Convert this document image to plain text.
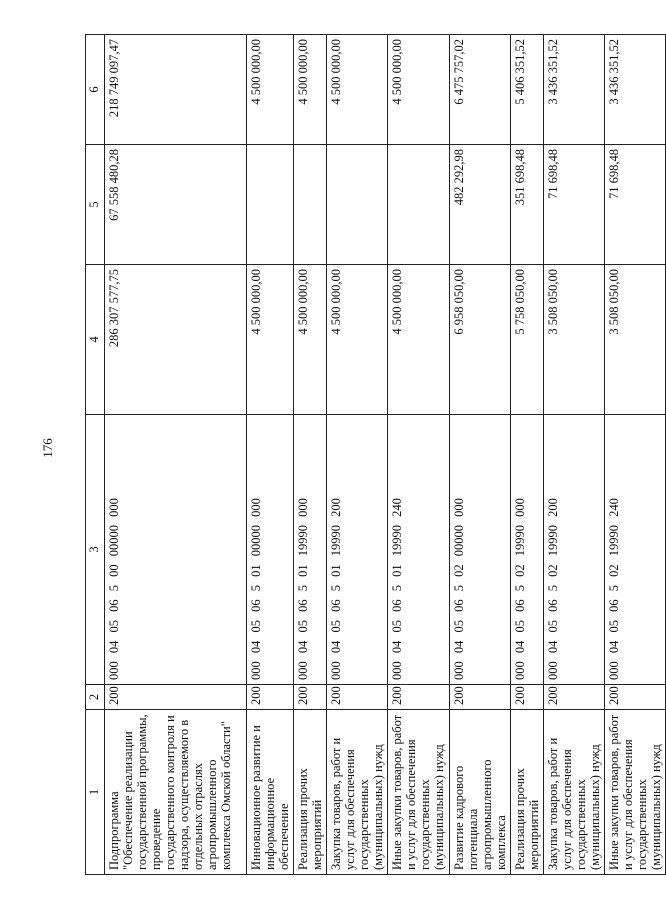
176
1	2	3	4	5	6
Подпрограмма "Обеспечение реализации государственной программы, проведение государственного контроля и надзора, осуществляемого в отдельных отраслях агропромышленного комплекса Омской области"	200	000 04 05 06 5 00 00000 000	286 307 577,75	67 558 480,28	218 749 097,47
Инновационное развитие и информационное обеспечение	200	000 04 05 06 5 01 00000 000	4 500 000,00		4 500 000,00
Реализация прочих мероприятий	200	000 04 05 06 5 01 19990 000	4 500 000,00		4 500 000,00
Закупка товаров, работ и услуг для обеспечения государственных (муниципальных) нужд	200	000 04 05 06 5 01 19990 200	4 500 000,00		4 500 000,00
Иные закупки товаров, работ и услуг для обеспечения государственных (муниципальных) нужд	200	000 04 05 06 5 01 19990 240	4 500 000,00		4 500 000,00
Развитие кадрового потенциала агропромышленного комплекса	200	000 04 05 06 5 02 00000 000	6 958 050,00	482 292,98	6 475 757,02
Реализация прочих мероприятий	200	000 04 05 06 5 02 19990 000	5 758 050,00	351 698,48	5 406 351,52
Закупка товаров, работ и услуг для обеспечения государственных (муниципальных) нужд	200	000 04 05 06 5 02 19990 200	3 508 050,00	71 698,48	3 436 351,52
Иные закупки товаров, работ и услуг для обеспечения государственных (муниципальных) нужд	200	000 04 05 06 5 02 19990 240	3 508 050,00	71 698,48	3 436 351,52
